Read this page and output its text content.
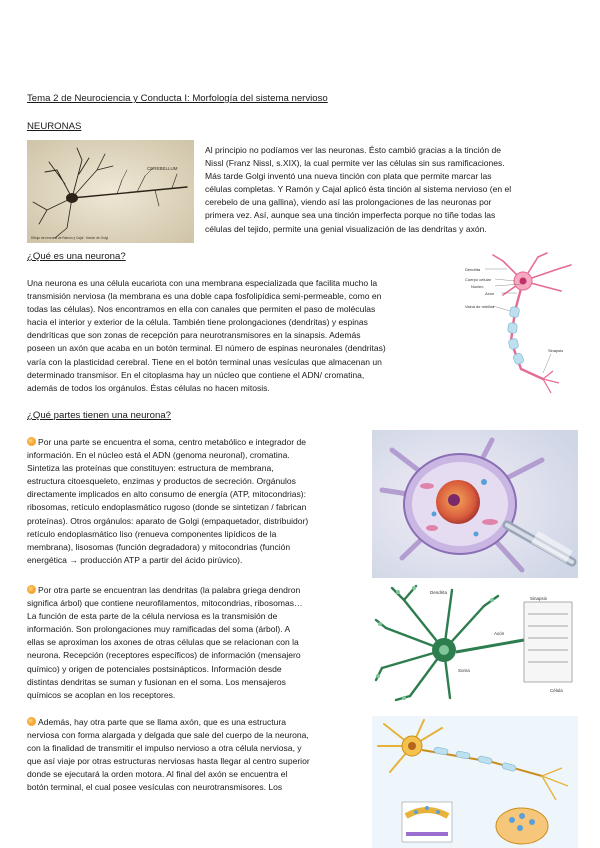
Tema 2 de Neurociencia y Conducta I: Morfología del sistema nervioso
NEURONAS
CEREBELLUM
Dibujo de neurona de Ramón y Cajal · tinción de Golgi
Al principio no podíamos ver las neuronas. Ésto cambió gracias a la tinción de
Nissl (Franz Nissl, s.XIX), la cual permite ver las células sin sus ramificaciones.
Más tarde Golgi inventó una nueva tinción con plata que permite marcar las
células completas. Y Ramón y Cajal aplicó ésta tinción al sistema nervioso (en el
cerebelo de una gallina), viendo así las prolongaciones de las neuronas por
primera vez. Así, aunque sea una tinción imperfecta porque no tiñe todas las
células del tejido, permite una genial visualización de las dendritas y axón.
¿Qué es una neurona?
Una neurona es una célula eucariota con una membrana especializada que facilita mucho la
transmisión nerviosa (la membrana es una doble capa fosfolipídica semi-permeable, como en
todas las células). Nos encontramos en ella con canales que permiten el paso de moléculas
hacia el interior y exterior de la célula. También tiene prolongaciones (dendritas) y espinas
dendríticas que son zonas de recepción para neurotransmisores en la sinapsis. Además
poseen un axón que acaba en un botón terminal. El número de espinas neuronales (dendritas)
varía con la plasticidad cerebral. Tiene en el botón terminal unas vesículas que almacenan un
determinado transmisor. En el citoplasma hay un núcleo que contiene el ADN/ cromatina,
además de todos los orgánulos. Éstas células no hacen mitosis.
Dendrita
Cuerpo celular
Núcleo
Axón
Vaina de mielina
Sinapsis
¿Qué partes tienen una neurona?
Por una parte se encuentra el soma, centro metabólico e integrador de
información. En el núcleo está el ADN (genoma neuronal), cromatina.
Sintetiza las proteínas que constituyen: estructura de membrana,
estructura citoesqueleto, enzimas y productos de secreción. Orgánulos
directamente implicados en alto consumo de energía (ATP, mitocondrias):
ribosomas, retículo endoplasmático rugoso (donde se sintetizan / fabrican
proteínas). Otros orgánulos: aparato de Golgi (empaquetador, distribuidor)
retículo endoplasmático liso (renueva componentes lipídicos de la
membrana), lisosomas (función degradadora) y mitocondrias (función
energética → producción ATP a partir del ácido pirúvico).
Por otra parte se encuentran las dendritas (la palabra griega dendron
significa árbol) que contiene neurofilamentos, mitocondrias, ribosomas…
La función de esta parte de la célula nerviosa es la transmisión de
información. Son prolongaciones muy ramificadas del soma (árbol). A
ellas se aproximan los axones de otras células que se relacionan con la
neurona. Recepción (receptores específicos) de información (mensajero
químico) y origen de potenciales postsinápticos. Información desde
distintas dendritas se suman y fusionan en el soma. Los mensajeros
químicos se acoplan en los receptores.
Dendrita
Axón
Soma
Sinapsis
Célula
Además, hay otra parte que se llama axón, que es una estructura
nerviosa con forma alargada y delgada que sale del cuerpo de la neurona,
con la finalidad de transmitir el impulso nervioso a otra célula nerviosa, y
que así viaje por otras estructuras nerviosas hasta llegar al centro superior
donde se ejecutará la orden motora. Al final del axón se encuentra el
botón terminal, el cual posee vesículas con neurotransmisores. Los
